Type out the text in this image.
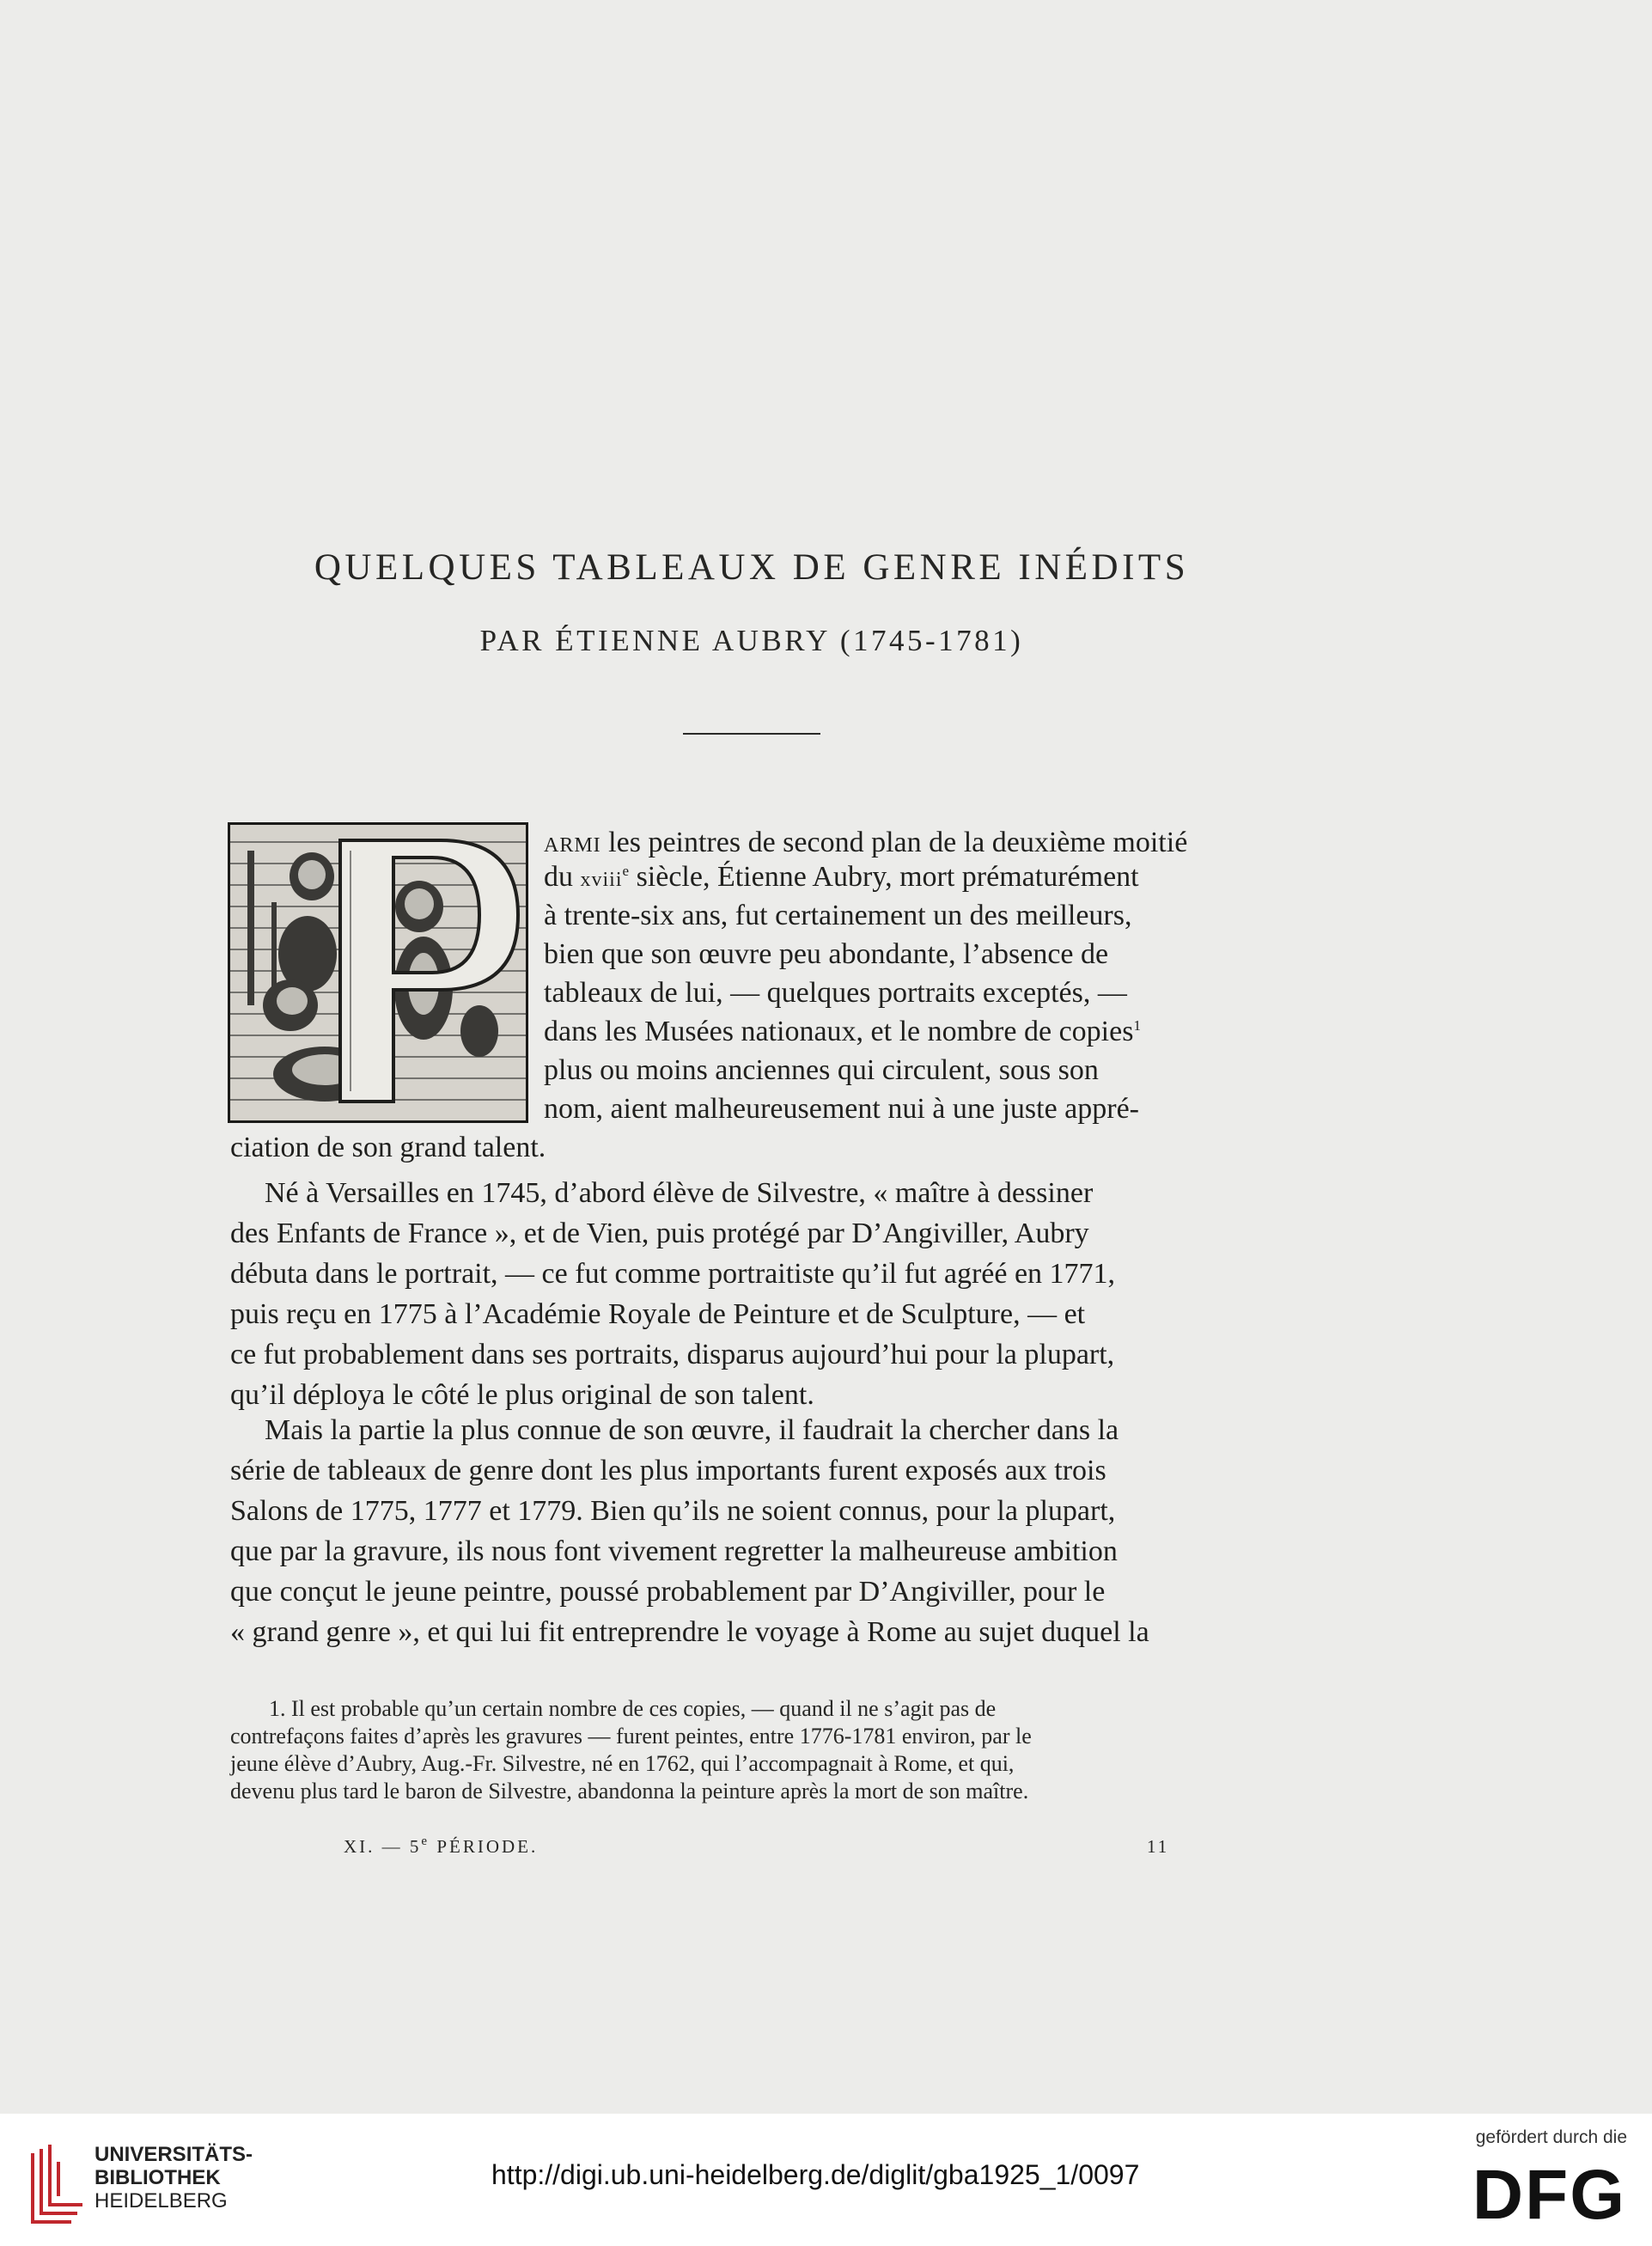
QUELQUES TABLEAUX DE GENRE INÉDITS
PAR ÉTIENNE AUBRY (1745-1781)
ARMI les peintres de second plan de la deuxième moitié
du xviii$^e$ siècle, Étienne Aubry, mort prématurément
à trente-six ans, fut certainement un des meilleurs,
bien que son œuvre peu abondante, l’absence de
tableaux de lui, — quelques portraits exceptés, —
dans les Musées nationaux, et le nombre de copies$^1$
plus ou moins anciennes qui circulent, sous son
nom, aient malheureusement nui à une juste appré-
ciation de son grand talent.
Né à Versailles en 1745, d’abord élève de Silvestre, « maître à dessiner
des Enfants de France », et de Vien, puis protégé par D’Angiviller, Aubry
débuta dans le portrait, — ce fut comme portraitiste qu’il fut agréé en 1771,
puis reçu en 1775 à l’Académie Royale de Peinture et de Sculpture, — et
ce fut probablement dans ses portraits, disparus aujourd’hui pour la plupart,
qu’il déploya le côté le plus original de son talent.
Mais la partie la plus connue de son œuvre, il faudrait la chercher dans la
série de tableaux de genre dont les plus importants furent exposés aux trois
Salons de 1775, 1777 et 1779. Bien qu’ils ne soient connus, pour la plupart,
que par la gravure, ils nous font vivement regretter la malheureuse ambition
que conçut le jeune peintre, poussé probablement par D’Angiviller, pour le
« grand genre », et qui lui fit entreprendre le voyage à Rome au sujet duquel la
1. Il est probable qu’un certain nombre de ces copies, — quand il ne s’agit pas de
contrefaçons faites d’après les gravures — furent peintes, entre 1776-1781 environ, par le
jeune élève d’Aubry, Aug.-Fr. Silvestre, né en 1762, qui l’accompagnait à Rome, et qui,
devenu plus tard le baron de Silvestre, abandonna la peinture après la mort de son maître.
XI. — 5e PÉRIODE.	11
UNIVERSITÄTS-
BIBLIOTHEK
HEIDELBERG
http://digi.ub.uni-heidelberg.de/diglit/gba1925_1/0097
gefördert durch die
DFG
